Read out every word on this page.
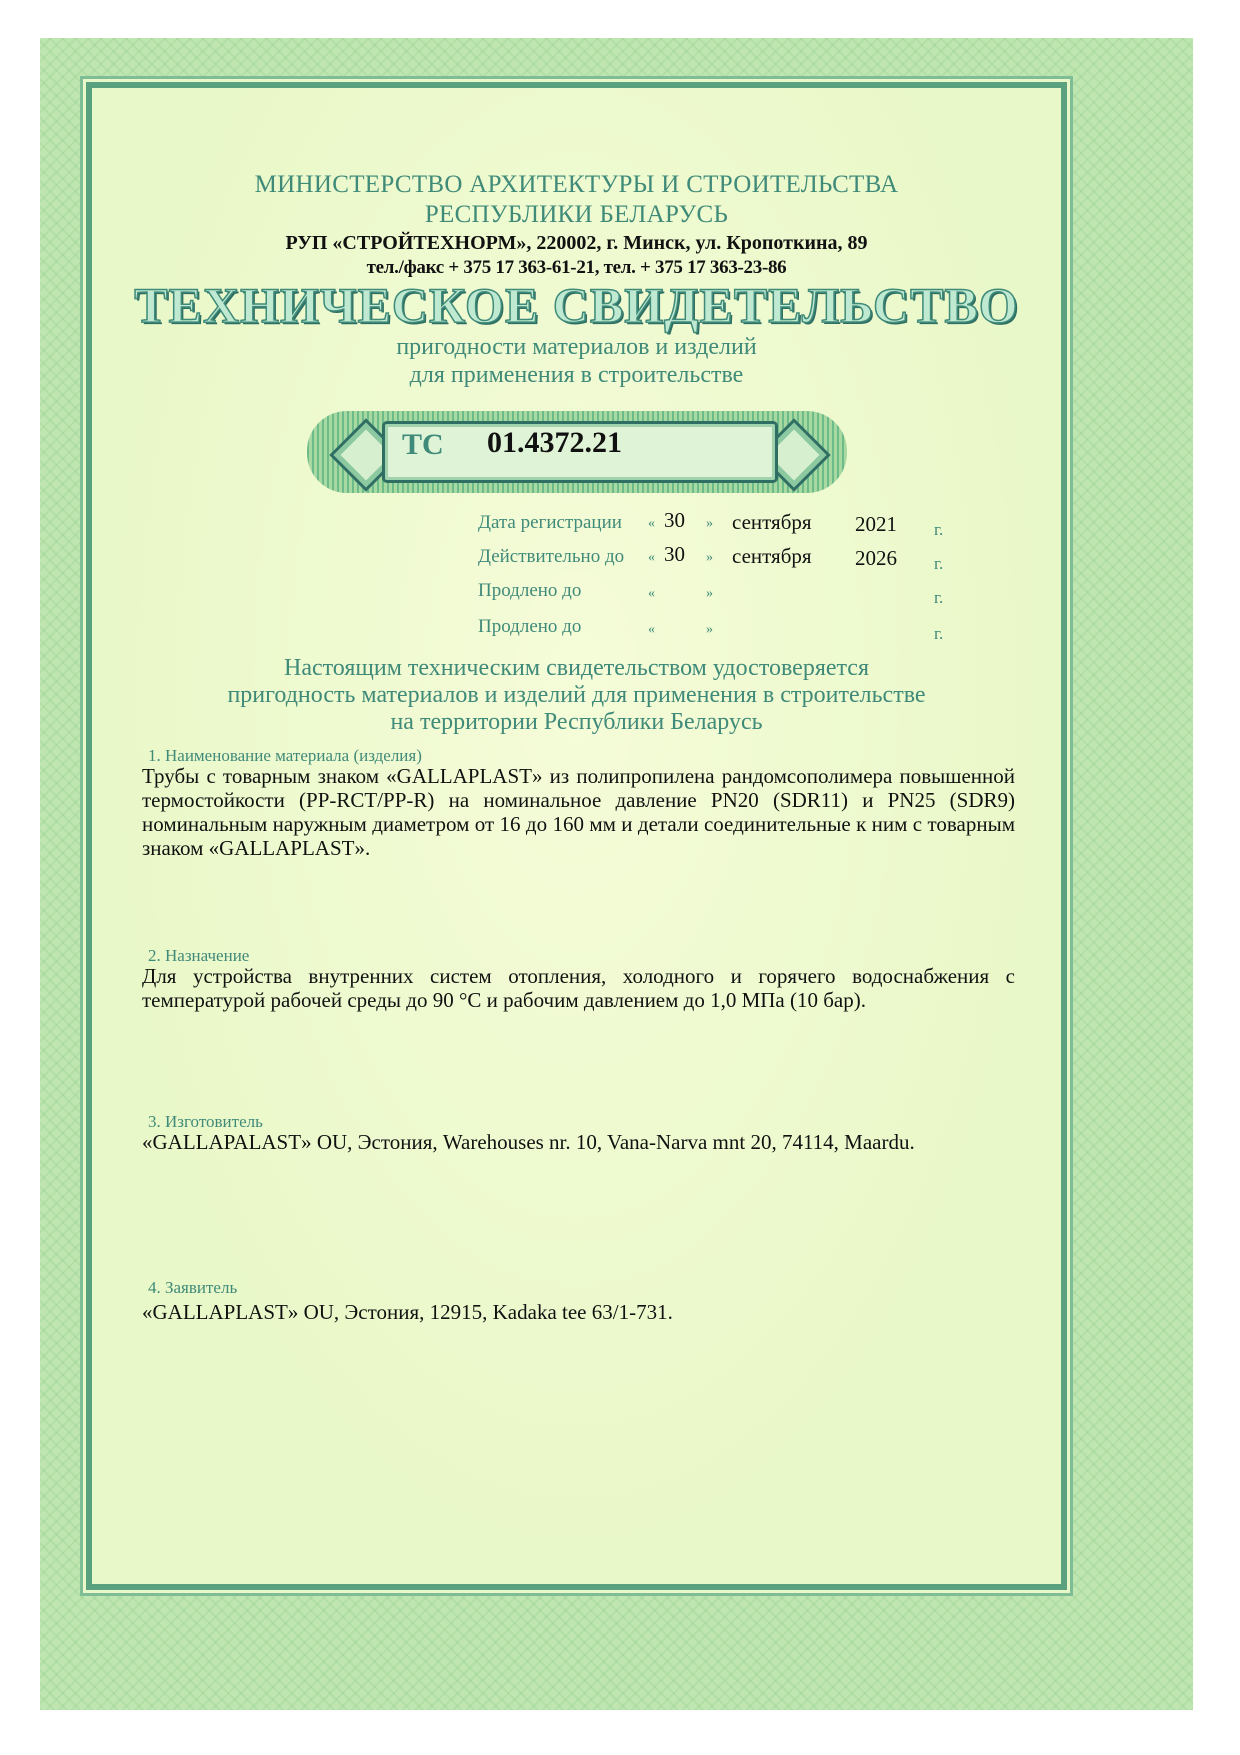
МИНИСТЕРСТВО АРХИТЕКТУРЫ И СТРОИТЕЛЬСТВА
РЕСПУБЛИКИ БЕЛАРУСЬ
РУП «СТРОЙТЕХНОРМ», 220002, г. Минск, ул. Кропоткина, 89
тел./факс + 375 17 363-61-21, тел. + 375 17 363-23-86
ТЕХНИЧЕСКОЕ СВИДЕТЕЛЬСТВО
пригодности материалов и изделий
для применения в строительстве
ТС 01.4372.21
Дата регистрации « 30 » сентября 2021 г.
Действительно до « 30 » сентября 2026 г.
Продлено до	«	»	г.
Продлено до	«	»	г.
Настоящим техническим свидетельством удостоверяется
пригодность материалов и изделий для применения в строительстве
на территории Республики Беларусь
1. Наименование материала (изделия)
Трубы с товарным знаком «GALLAPLAST» из полипропилена рандомсополимера повышенной термостойкости (PP-RCT/PP-R) на номинальное давление PN20 (SDR11) и PN25 (SDR9) номинальным наружным диаметром от 16 до 160 мм и детали соединительные к ним с товарным знаком «GALLAPLAST».
2. Назначение
Для устройства внутренних систем отопления, холодного и горячего водоснабжения с температурой рабочей среды до 90 °С и рабочим давлением до 1,0 МПа (10 бар).
3. Изготовитель
«GALLAPALAST» OU, Эстония, Warehouses nr. 10, Vana-Narva mnt 20, 74114, Maardu.
4. Заявитель
«GALLAPLAST» OU, Эстония, 12915, Kadaka tee 63/1-731.
